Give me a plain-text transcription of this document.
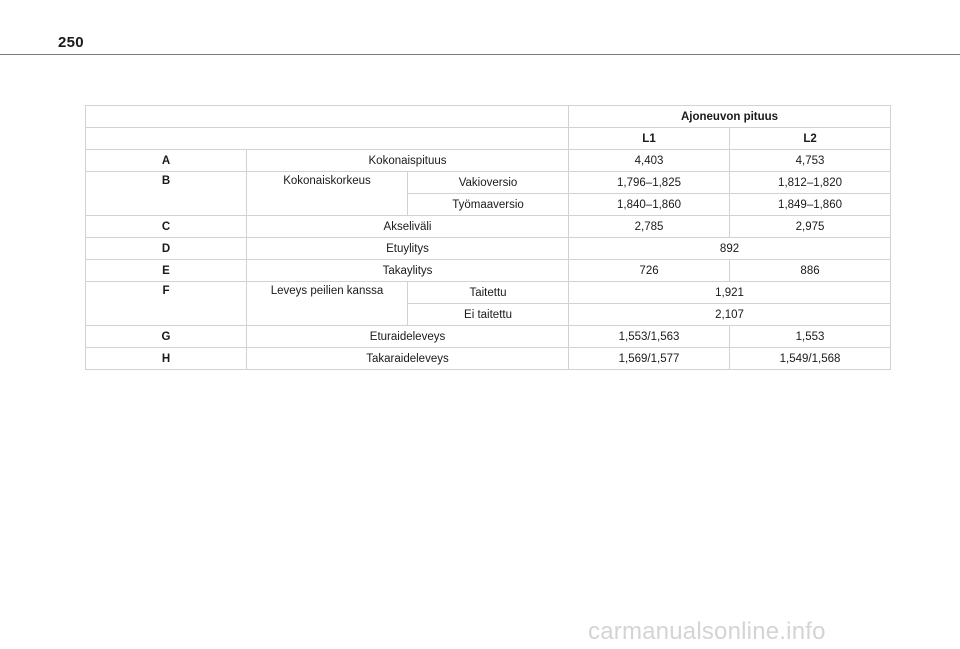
250
			Ajoneuvon pituus	
			L1	L2
A	Kokonaispituus		4,403	4,753
B	Kokonaiskorkeus	Vakioversio	1,796–1,825	1,812–1,820
		Työmaaversio	1,840–1,860	1,849–1,860
C	Akseliväli		2,785	2,975
D	Etuylitys		892	
E	Takaylitys		726	886
F	Leveys peilien kanssa	Taitettu	1,921	
		Ei taitettu	2,107	
G	Eturaideleveys		1,553/1,563	1,553
H	Takaraideleveys		1,569/1,577	1,549/1,568
carmanualsonline.info
